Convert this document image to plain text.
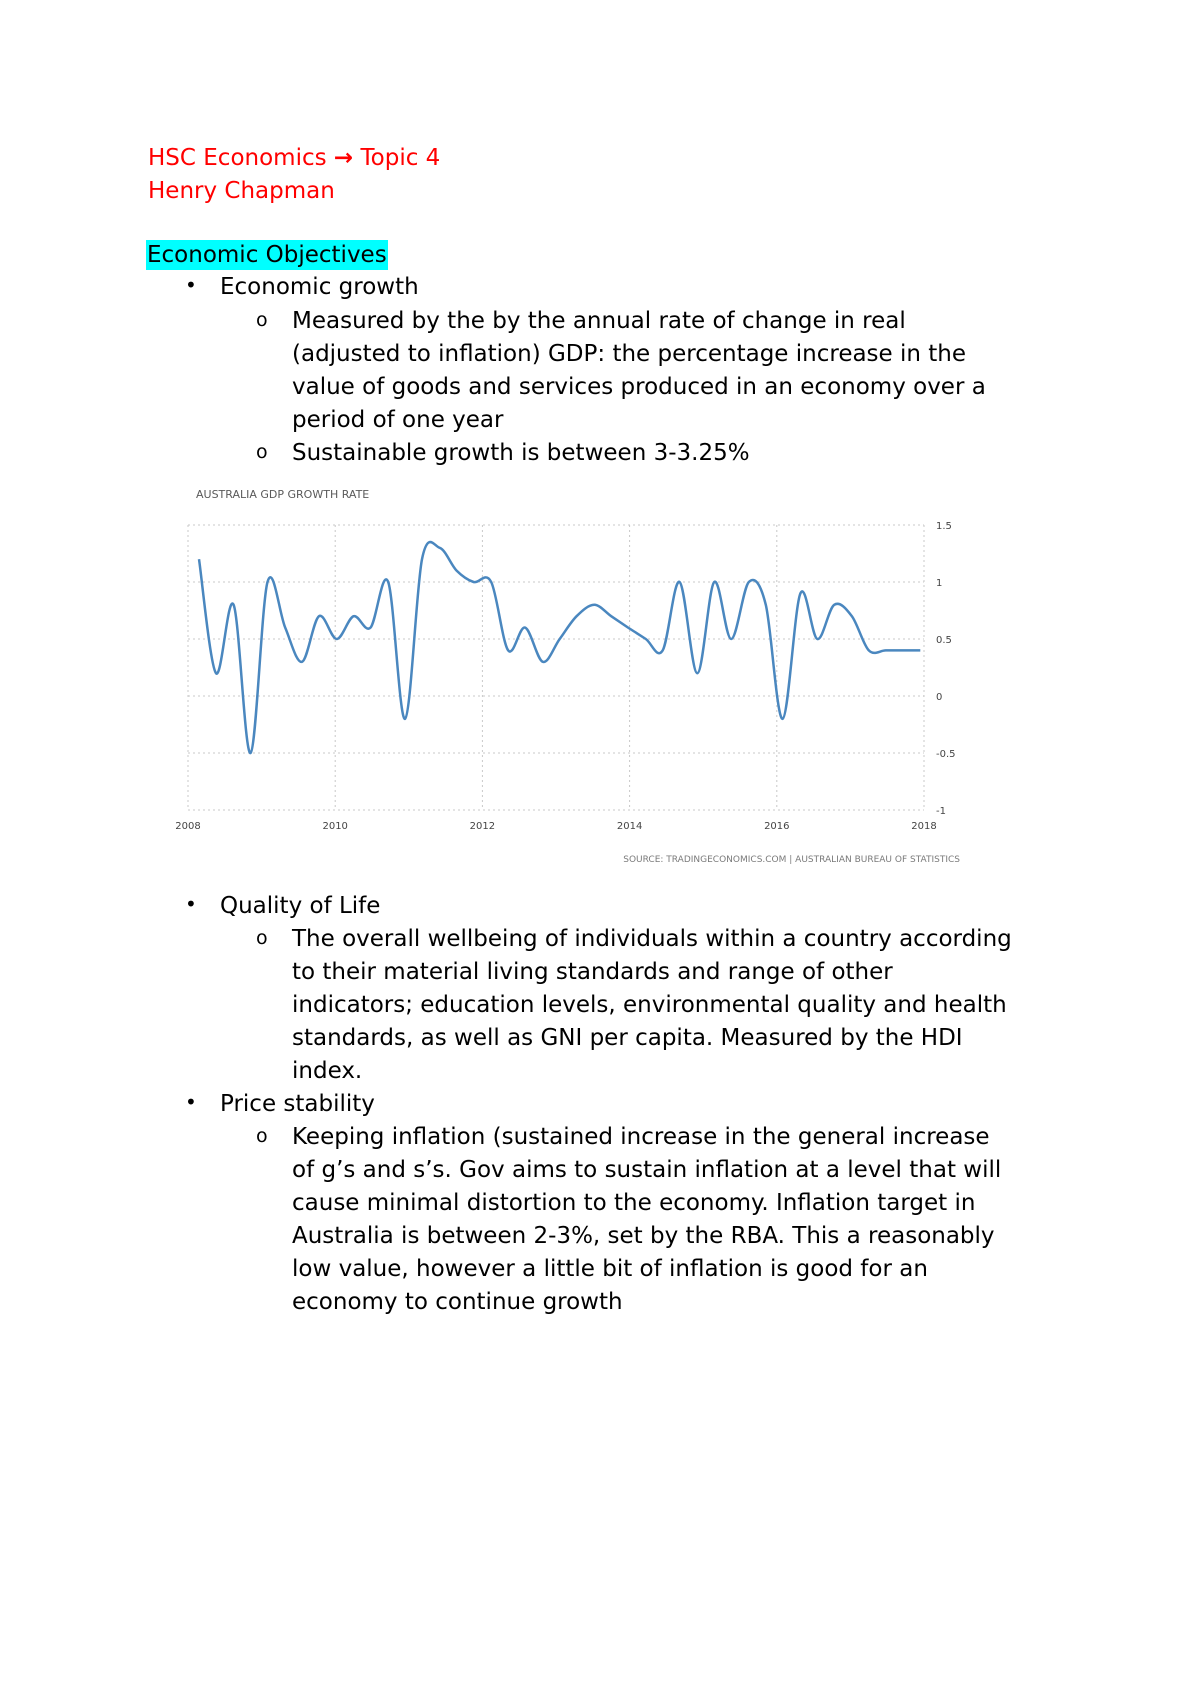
HSC Economics → Topic 4
Henry Chapman
Economic Objectives
• Economic growth
o Measured by the by the annual rate of change in real
(adjusted to inflation) GDP: the percentage increase in the
value of goods and services produced in an economy over a
period of one year
o Sustainable growth is between 3-3.25%
AUSTRALIA GDP GROWTH RATE
1.5
1
0.5
0
-0.5
-1
2008	2010	2012	2014	2016	2018
SOURCE: TRADINGECONOMICS.COM | AUSTRALIAN BUREAU OF STATISTICS
• Quality of Life
o The overall wellbeing of individuals within a country according
to their material living standards and range of other
indicators; education levels, environmental quality and health
standards, as well as GNI per capita. Measured by the HDI
index.
• Price stability
o Keeping inflation (sustained increase in the general increase
of g’s and s’s. Gov aims to sustain inflation at a level that will
cause minimal distortion to the economy. Inflation target in
Australia is between 2-3%, set by the RBA. This a reasonably
low value, however a little bit of inflation is good for an
economy to continue growth
